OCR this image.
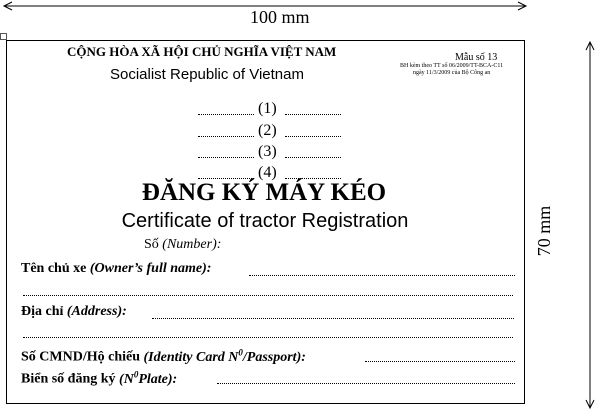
100 mm
70 mm
CỘNG HÒA XÃ HỘI CHỦ NGHĨA VIỆT NAM
Socialist Republic of Vietnam
Mẫu số 13
BH kèm theo TT số 06/2009/TT-BCA-C11
ngày 11/3/2009 của Bộ Công an
(1)
(2)
(3)
(4)
ĐĂNG KÝ MÁY KÉO
Certificate of tractor Registration
Số (Number):
Tên chủ xe (Owner’s full name):
Địa chỉ (Address):
Số CMND/Hộ chiếu (Identity Card $N^0/Passport$):
Biển số đăng ký $(N^0Plate)$:
